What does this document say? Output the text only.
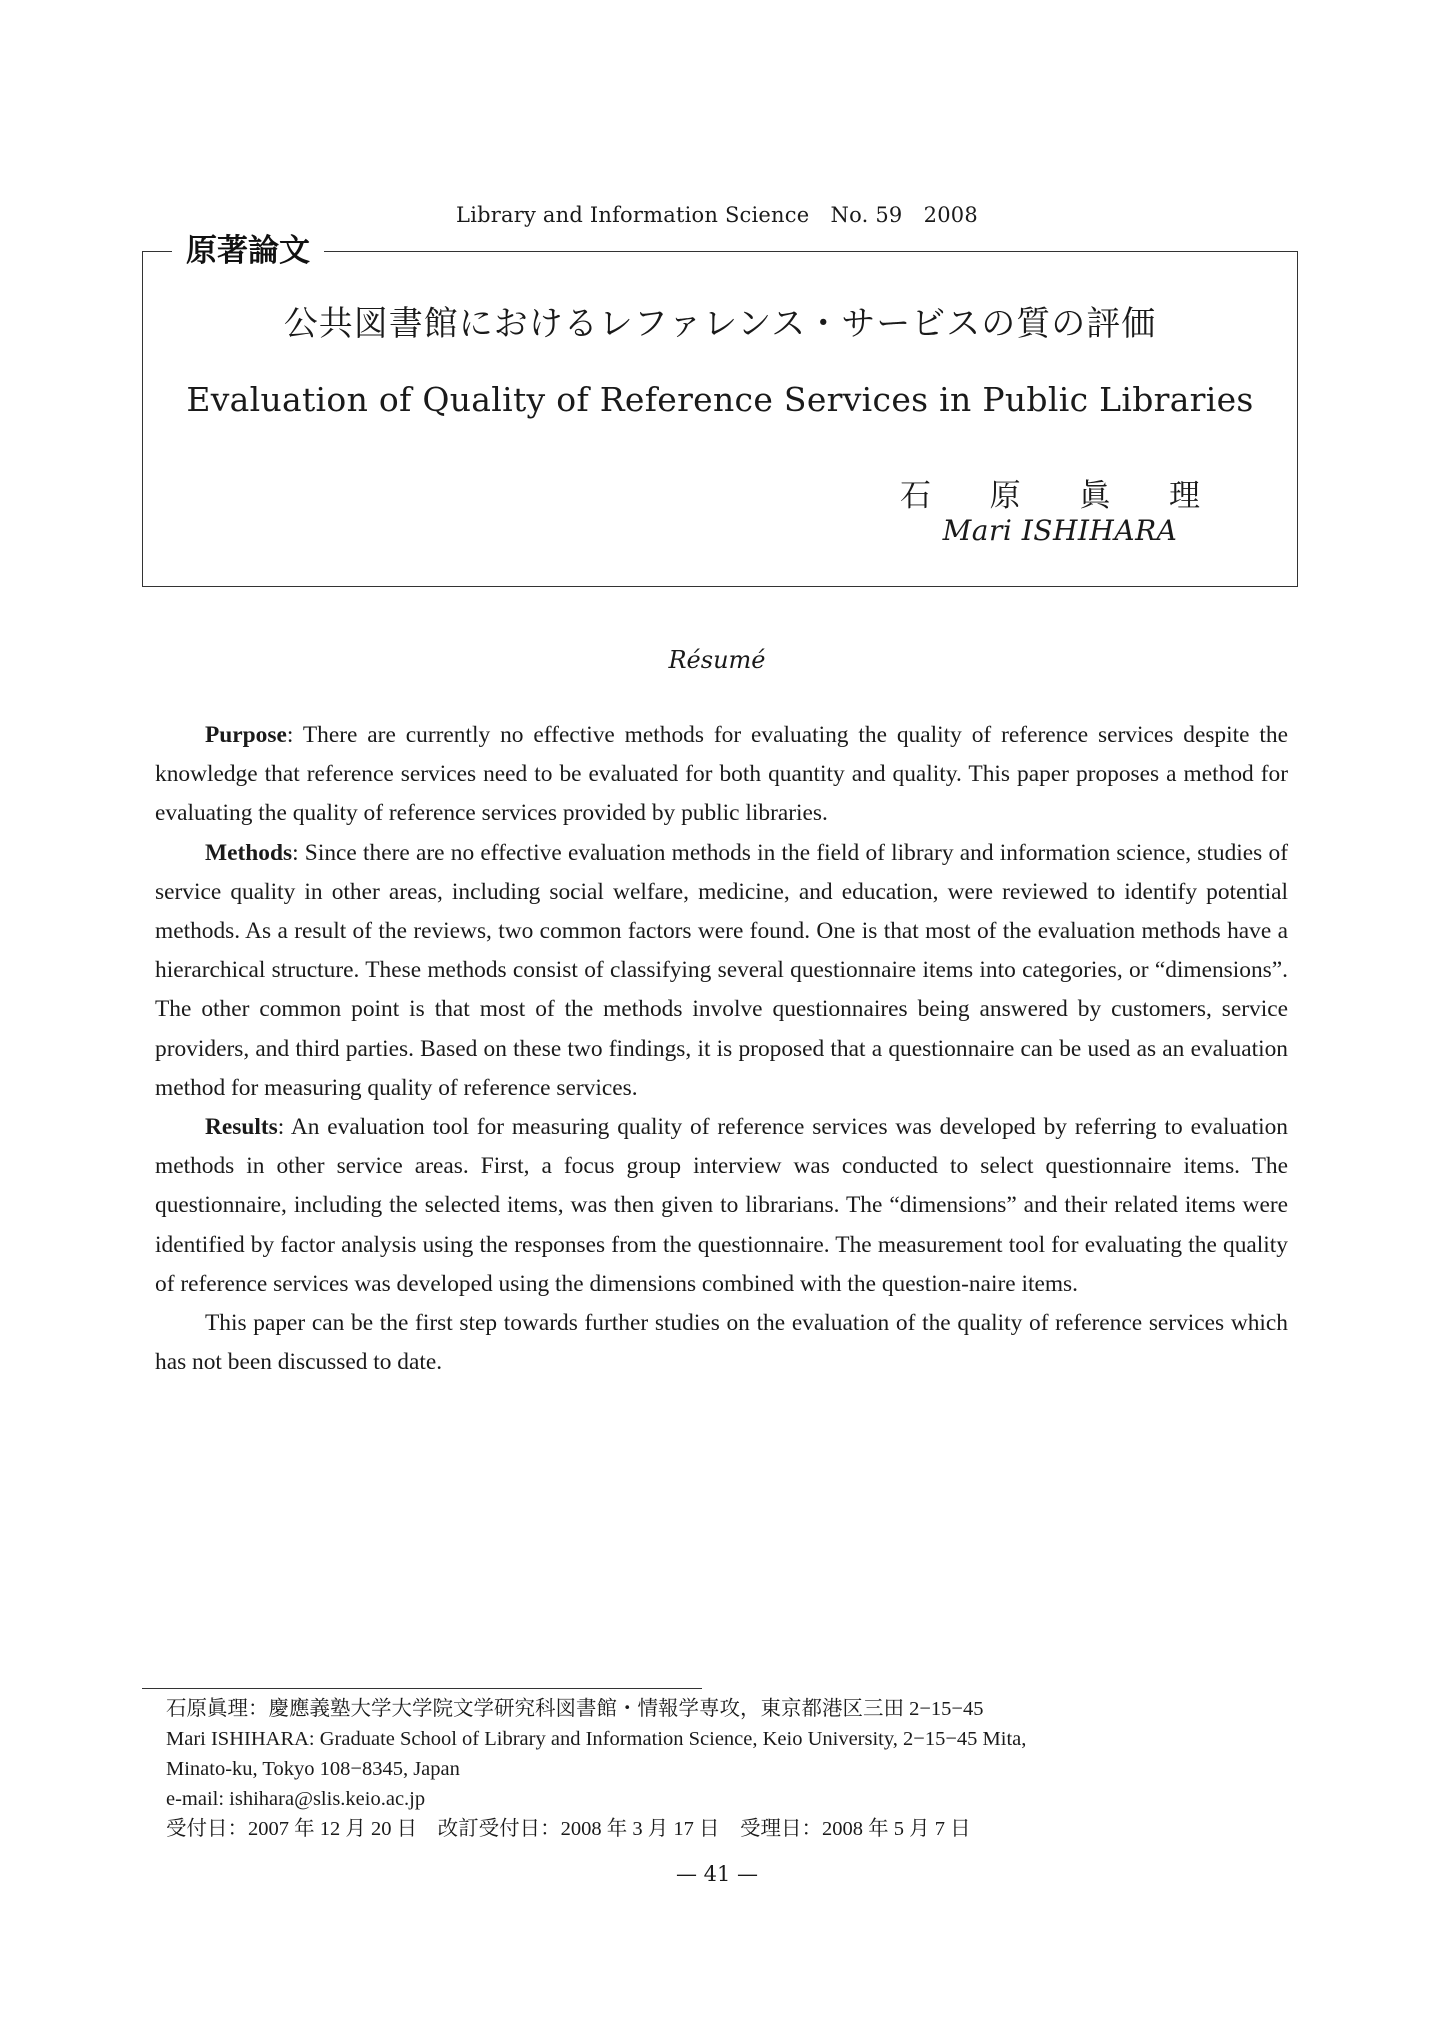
Library and Information Science　No. 59　2008
原著論文
公共図書館におけるレファレンス・サービスの質の評価
Evaluation of Quality of Reference Services in Public Libraries
石 原 眞 理
Mari ISHIHARA
Résumé

Purpose: There are currently no effective methods for evaluating the quality of reference services despite the knowledge that reference services need to be evaluated for both quantity and quality. This paper proposes a method for evaluating the quality of reference services provided by public libraries.

Methods: Since there are no effective evaluation methods in the field of library and information science, studies of service quality in other areas, including social welfare, medicine, and education, were reviewed to identify potential methods. As a result of the reviews, two common factors were found. One is that most of the evaluation methods have a hierarchical structure. These methods consist of classifying several questionnaire items into categories, or “dimensions”. The other common point is that most of the methods involve questionnaires being answered by customers, service providers, and third parties. Based on these two findings, it is proposed that a questionnaire can be used as an evaluation method for measuring quality of reference services.

Results: An evaluation tool for measuring quality of reference services was developed by referring to evaluation methods in other service areas. First, a focus group interview was conducted to select questionnaire items. The questionnaire, including the selected items, was then given to librarians. The “dimensions” and their related items were identified by factor analysis using the responses from the questionnaire. The measurement tool for evaluating the quality of reference services was developed using the dimensions combined with the question-naire items.

This paper can be the first step towards further studies on the evaluation of the quality of reference services which has not been discussed to date.

石原眞理：慶應義塾大学大学院文学研究科図書館・情報学専攻，東京都港区三田 2−15−45
Mari ISHIHARA: Graduate School of Library and Information Science, Keio University, 2−15−45 Mita,
Minato-ku, Tokyo 108−8345, Japan
e-mail: ishihara@slis.keio.ac.jp
受付日：2007 年 12 月 20 日　改訂受付日：2008 年 3 月 17 日　受理日：2008 年 5 月 7 日
— 41 —
